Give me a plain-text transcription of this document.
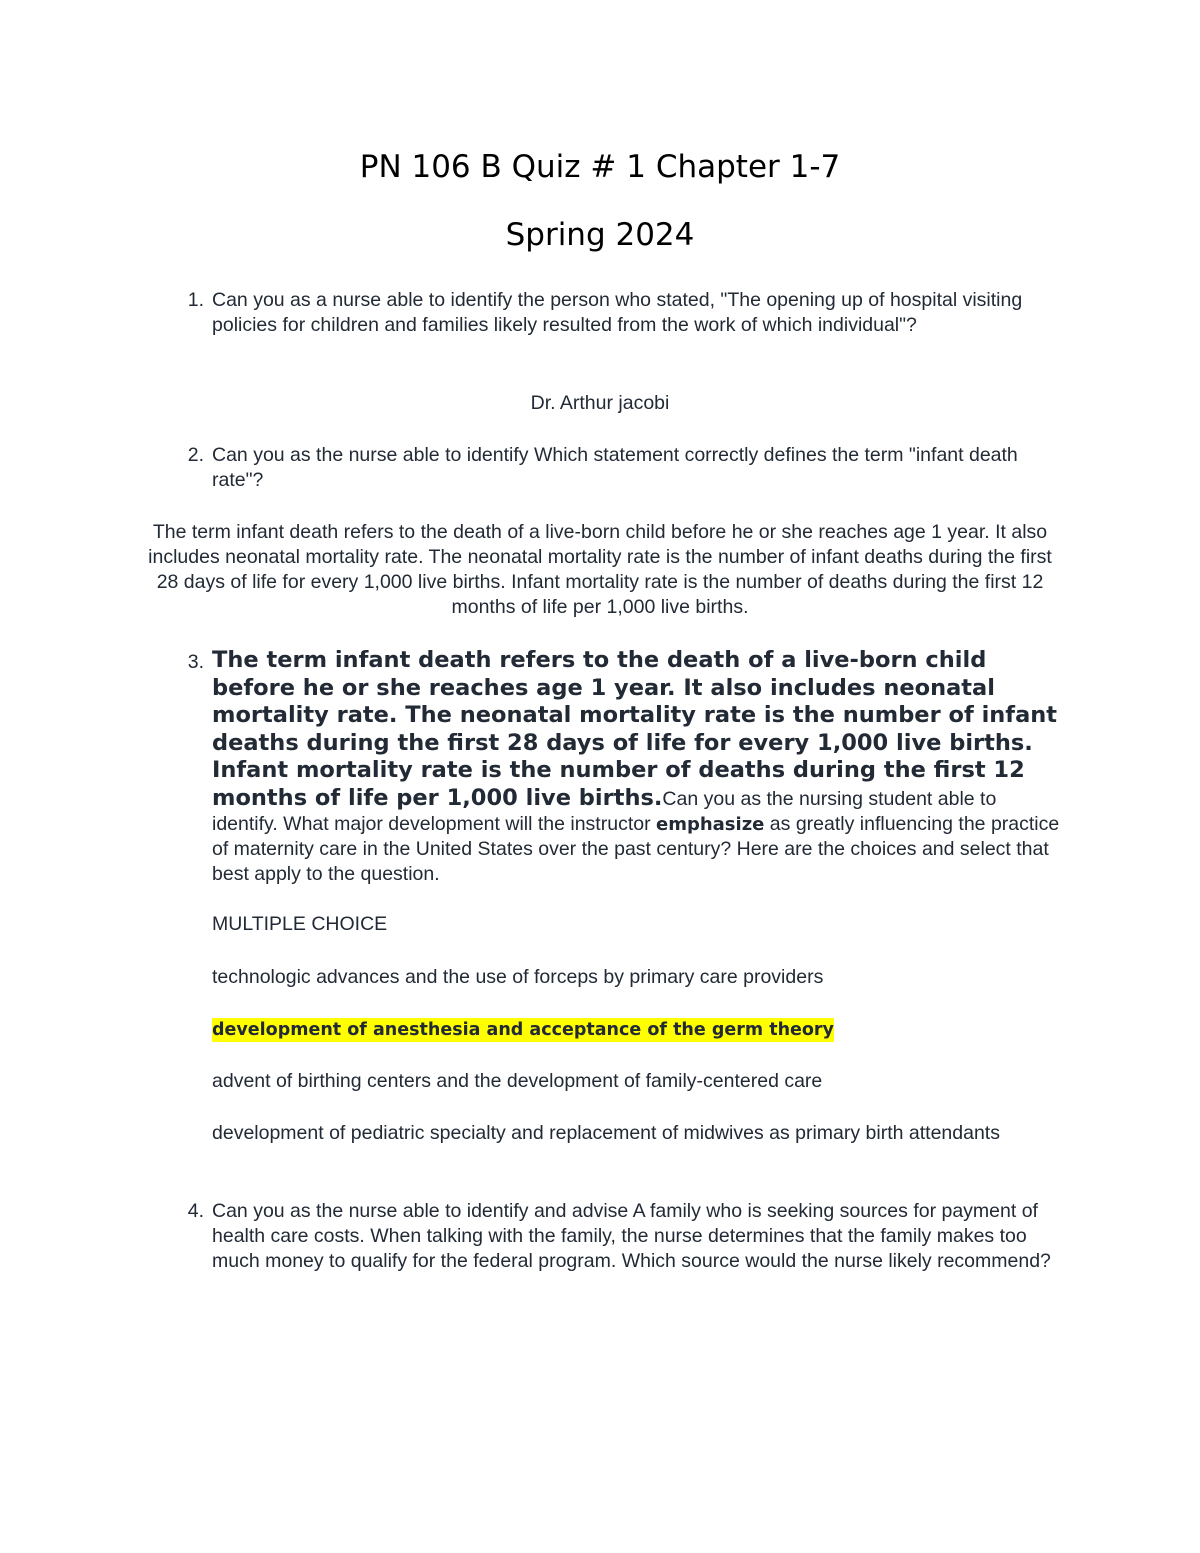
PN 106 B Quiz # 1 Chapter 1-7
Spring 2024
1. Can you as a nurse able to identify the person who stated, "The opening up of hospital visiting policies for children and families likely resulted from the work of which individual"?

Dr. Arthur jacobi

2. Can you as the nurse able to identify Which statement correctly defines the term "infant death rate"?

The term infant death refers to the death of a live-born child before he or she reaches age 1 year. It also includes neonatal mortality rate. The neonatal mortality rate is the number of infant deaths during the first 28 days of life for every 1,000 live births. Infant mortality rate is the number of deaths during the first 12 months of life per 1,000 live births.

3. The term infant death refers to the death of a live-born child before he or she reaches age 1 year. It also includes neonatal mortality rate. The neonatal mortality rate is the number of infant deaths during the first 28 days of life for every 1,000 live births. Infant mortality rate is the number of deaths during the first 12 months of life per 1,000 live births.Can you as the nursing student able to identify. What major development will the instructor emphasize as greatly influencing the practice of maternity care in the United States over the past century? Here are the choices and select that best apply to the question.

MULTIPLE CHOICE

technologic advances and the use of forceps by primary care providers

development of anesthesia and acceptance of the germ theory

advent of birthing centers and the development of family-centered care

development of pediatric specialty and replacement of midwives as primary birth attendants

4. Can you as the nurse able to identify and advise A family who is seeking sources for payment of health care costs. When talking with the family, the nurse determines that the family makes too much money to qualify for the federal program. Which source would the nurse likely recommend?
